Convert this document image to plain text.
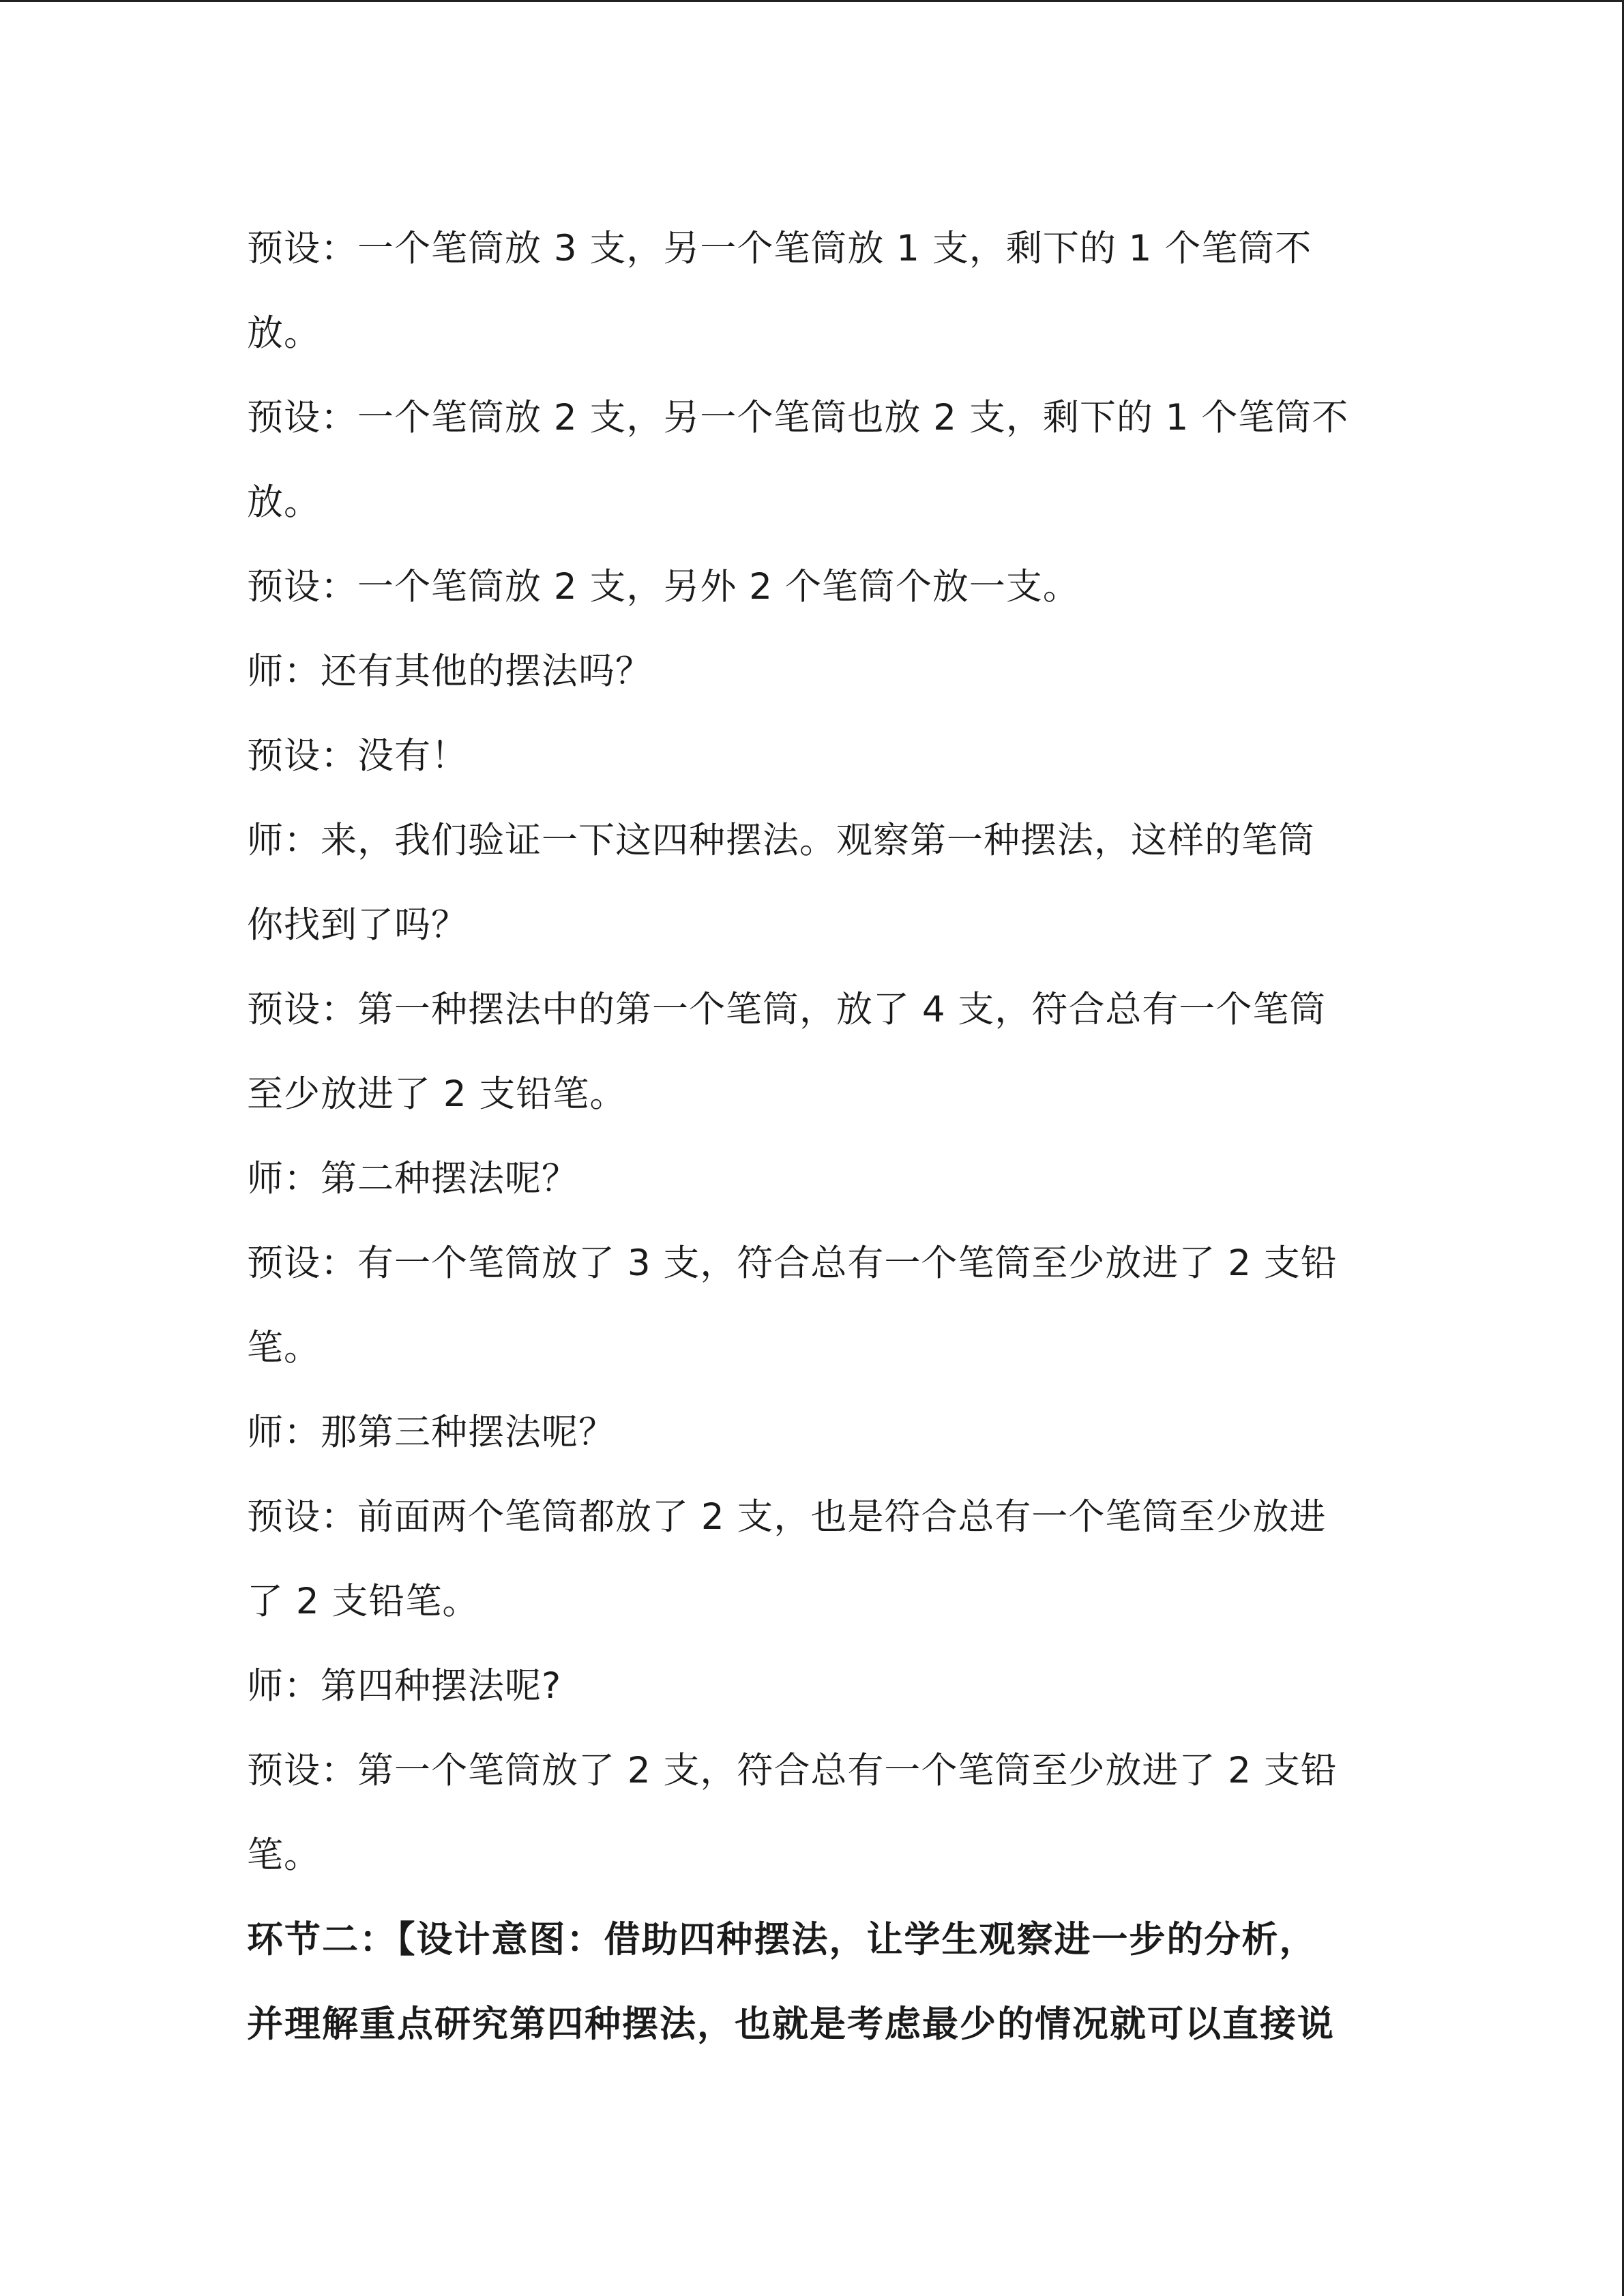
预设：一个笔筒放 3 支，另一个笔筒放 1 支，剩下的 1 个笔筒不

放。

预设：一个笔筒放 2 支，另一个笔筒也放 2 支，剩下的 1 个笔筒不

放。

预设：一个笔筒放 2 支，另外 2 个笔筒个放一支。

师：还有其他的摆法吗？

预设：没有！

师：来，我们验证一下这四种摆法。观察第一种摆法，这样的笔筒

你找到了吗？

预设：第一种摆法中的第一个笔筒，放了 4 支，符合总有一个笔筒

至少放进了 2 支铅笔。

师：第二种摆法呢？

预设：有一个笔筒放了 3 支，符合总有一个笔筒至少放进了 2 支铅

笔。

师：那第三种摆法呢？

预设：前面两个笔筒都放了 2 支，也是符合总有一个笔筒至少放进

了 2 支铅笔。

师：第四种摆法呢?

预设：第一个笔筒放了 2 支，符合总有一个笔筒至少放进了 2 支铅

笔。

环节二：【设计意图：借助四种摆法，让学生观察进一步的分析，

并理解重点研究第四种摆法，也就是考虑最少的情况就可以直接说
